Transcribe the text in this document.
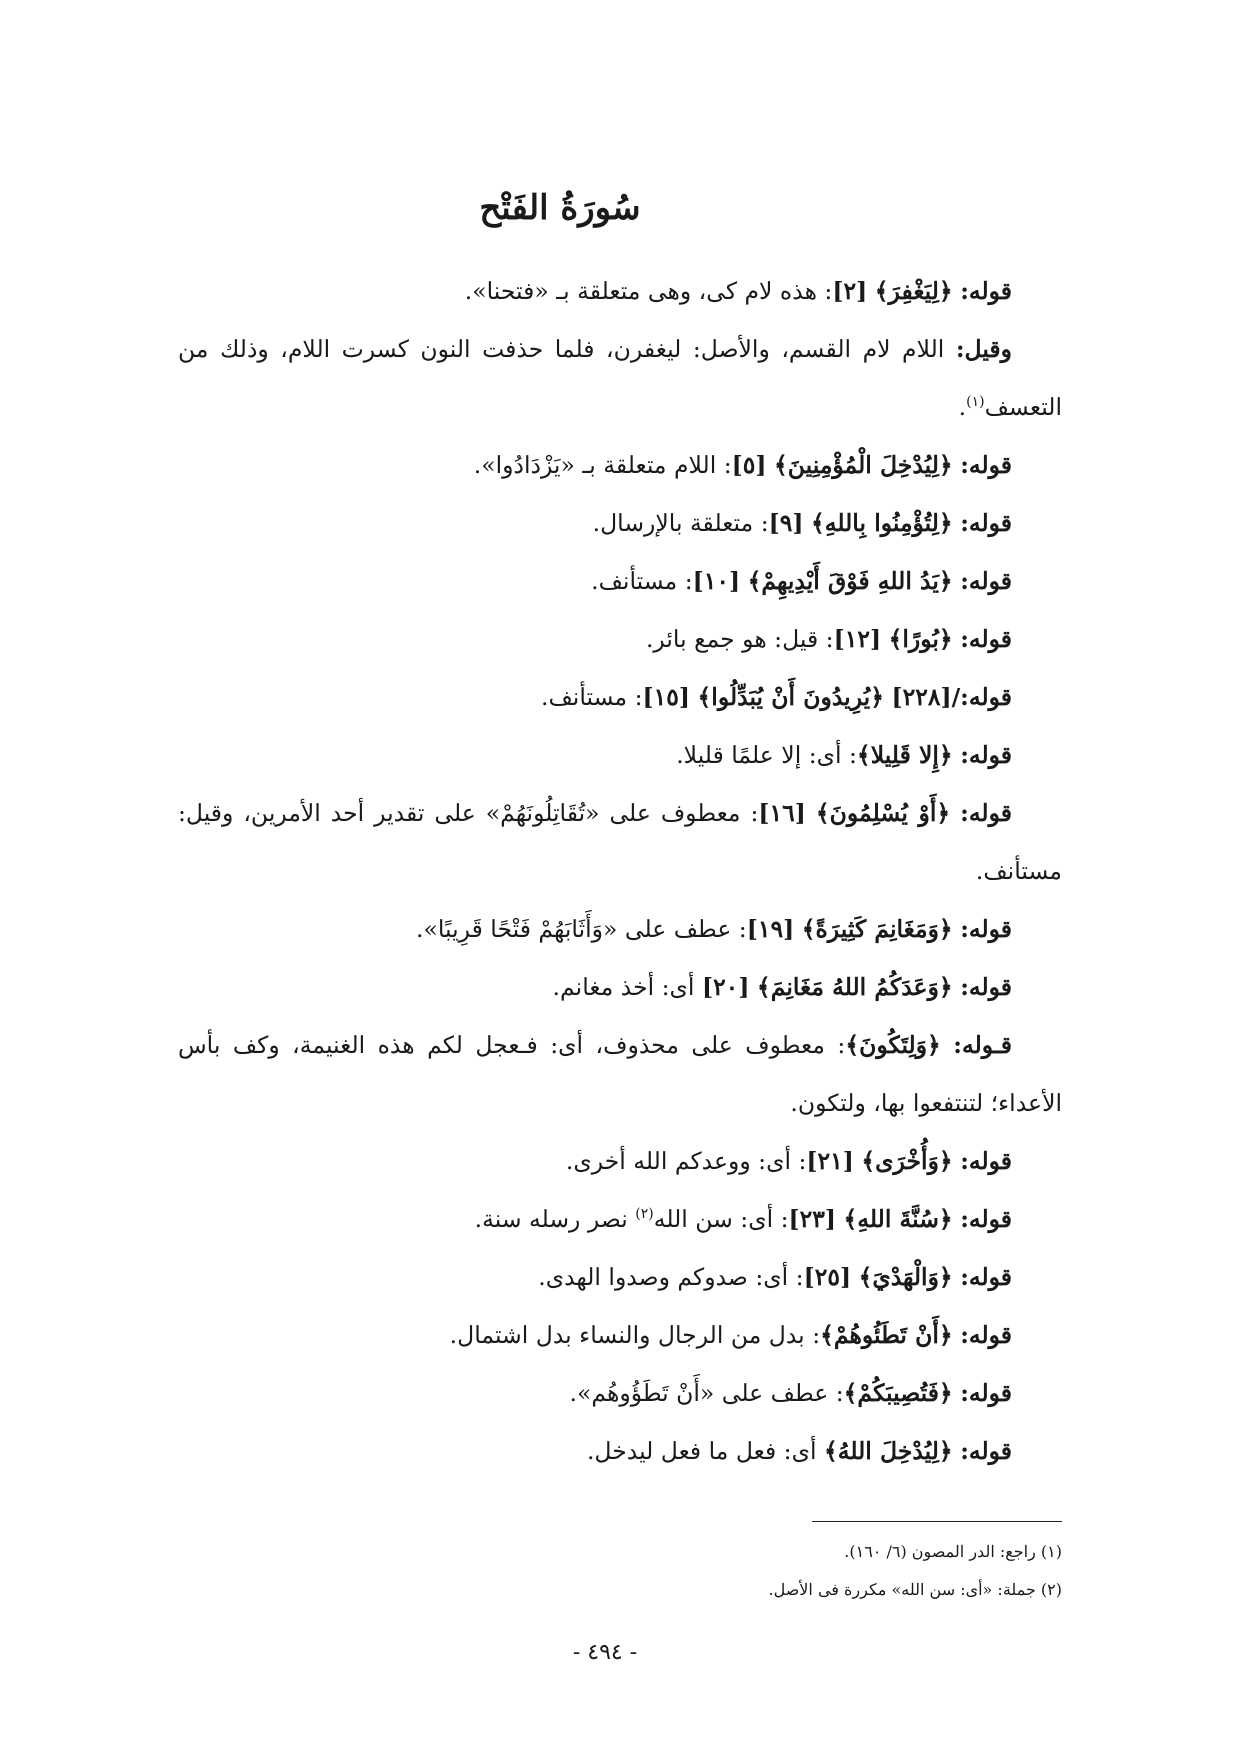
سُورَةُ الفَتْح

قوله: ﴿لِيَغْفِرَ﴾ [٢]: هذه لام كى، وهى متعلقة بـ «فتحنا».

وقيل: اللام لام القسم، والأصل: ليغفرن، فلما حذفت النون كسرت اللام، وذلك من التعسف$^{(١)}$.

قوله: ﴿لِيُدْخِلَ الْمُؤْمِنِينَ﴾ [٥]: اللام متعلقة بـ «يَزْدَادُوا».

قوله: ﴿لِتُؤْمِنُوا بِاللهِ﴾ [٩]: متعلقة بالإرسال.

قوله: ﴿يَدُ اللهِ فَوْقَ أَيْدِيهِمْ﴾ [١٠]: مستأنف.

قوله: ﴿بُورًا﴾ [١٢]: قيل: هو جمع بائر.

قوله:/[٢٢٨] ﴿يُرِيدُونَ أَنْ يُبَدِّلُوا﴾ [١٥]: مستأنف.

قوله: ﴿إِلا قَلِيلا﴾: أى: إلا علمًا قليلا.

قوله: ﴿أَوْ يُسْلِمُونَ﴾ [١٦]: معطوف على «تُقَاتِلُونَهُمْ» على تقدير أحد الأمرين، وقيل: مستأنف.

قوله: ﴿وَمَغَانِمَ كَثِيرَةً﴾ [١٩]: عطف على «وَأَثَابَهُمْ فَتْحًا قَرِيبًا».

قوله: ﴿وَعَدَكُمُ اللهُ مَغَانِمَ﴾ [٢٠] أى: أخذ مغانم.

قـوله: ﴿وَلِتَكُونَ﴾: معطوف على محذوف، أى: فـعجل لكم هذه الغنيمة، وكف بأس الأعداء؛ لتنتفعوا بها، ولتكون.

قوله: ﴿وَأُخْرَى﴾ [٢١]: أى: ووعدكم الله أخرى.

قوله: ﴿سُنَّةَ اللهِ﴾ [٢٣]: أى: سن الله$^{(٢)}$ نصر رسله سنة.

قوله: ﴿وَالْهَدْيَ﴾ [٢٥]: أى: صدوكم وصدوا الهدى.

قوله: ﴿أَنْ تَطَئُوهُمْ﴾: بدل من الرجال والنساء بدل اشتمال.

قوله: ﴿فَتُصِيبَكُمْ﴾: عطف على «أَنْ تَطَؤُوهُم».

قوله: ﴿لِيُدْخِلَ اللهُ﴾ أى: فعل ما فعل ليدخل.

(١) راجع: الدر المصون (٦/ ١٦٠).
(٢) جملة: «أى: سن الله» مكررة فى الأصل.
- ٤٩٤ -
